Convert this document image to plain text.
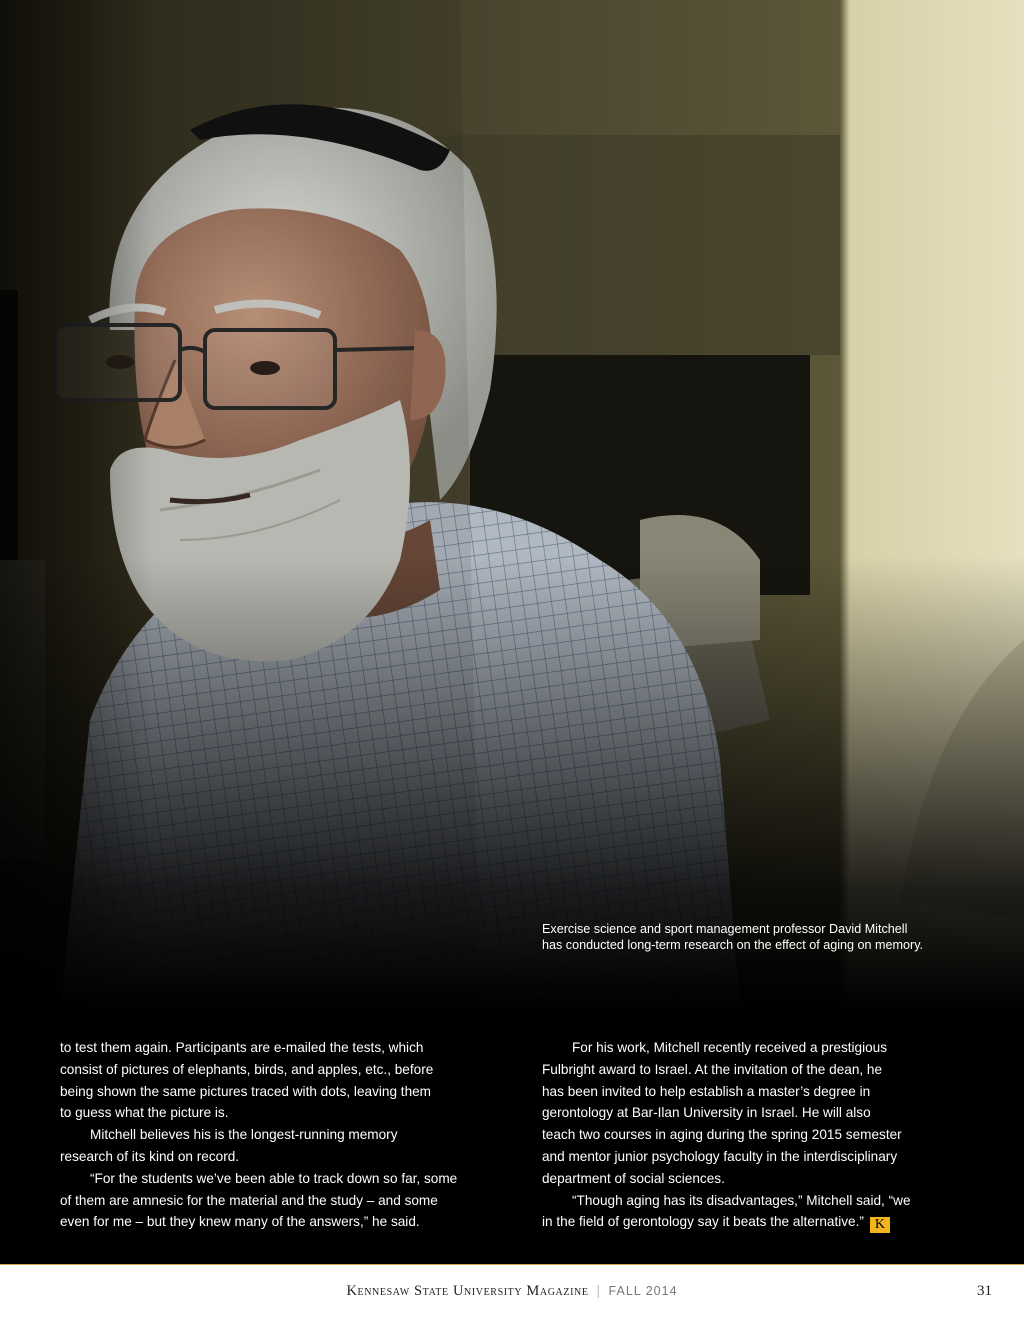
Exercise science and sport management professor David Mitchell
has conducted long-term research on the effect of aging on memory.
to test them again. Participants are e-mailed the tests, which
consist of pictures of elephants, birds, and apples, etc., before
being shown the same pictures traced with dots, leaving them
to guess what the picture is.
Mitchell believes his is the longest-running memory
research of its kind on record.
“For the students we’ve been able to track down so far, some
of them are amnesic for the material and the study – and some
even for me – but they knew many of the answers,” he said.
For his work, Mitchell recently received a prestigious
Fulbright award to Israel. At the invitation of the dean, he
has been invited to help establish a master’s degree in
gerontology at Bar-Ilan University in Israel. He will also
teach two courses in aging during the spring 2015 semester
and mentor junior psychology faculty in the interdisciplinary
department of social sciences.
“Though aging has its disadvantages,” Mitchell said, “we
in the field of gerontology say it beats the alternative.” K
Kennesaw State University Magazine | FALL 2014	31
